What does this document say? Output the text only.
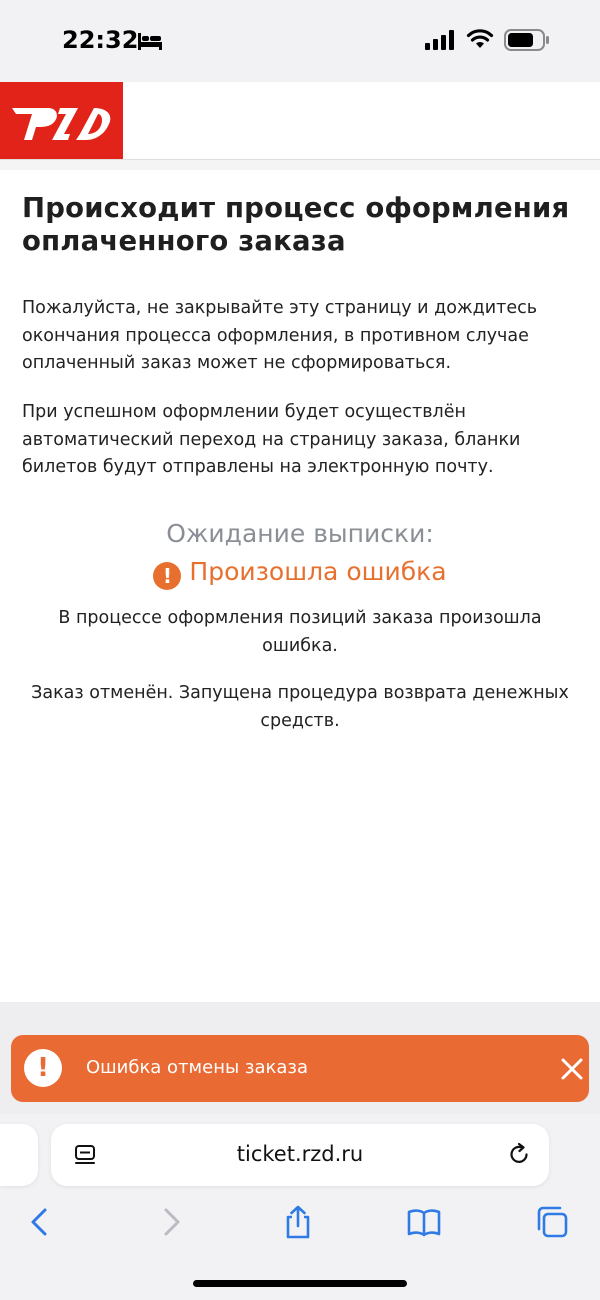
22:32
Происходит процесс оформления оплаченного заказа

Пожалуйста, не закрывайте эту страницу и дождитесь окончания процесса оформления, в противном случае оплаченный заказ может не сформироваться.

При успешном оформлении будет осуществлён автоматический переход на страницу заказа, бланки билетов будут отправлены на электронную почту.

Ожидание выписки:
! Произошла ошибка

В процессе оформления позиций заказа произошла ошибка.

Заказ отменён. Запущена процедура возврата денежных средств.

!	Ошибка отмены заказа
ticket.rzd.ru
